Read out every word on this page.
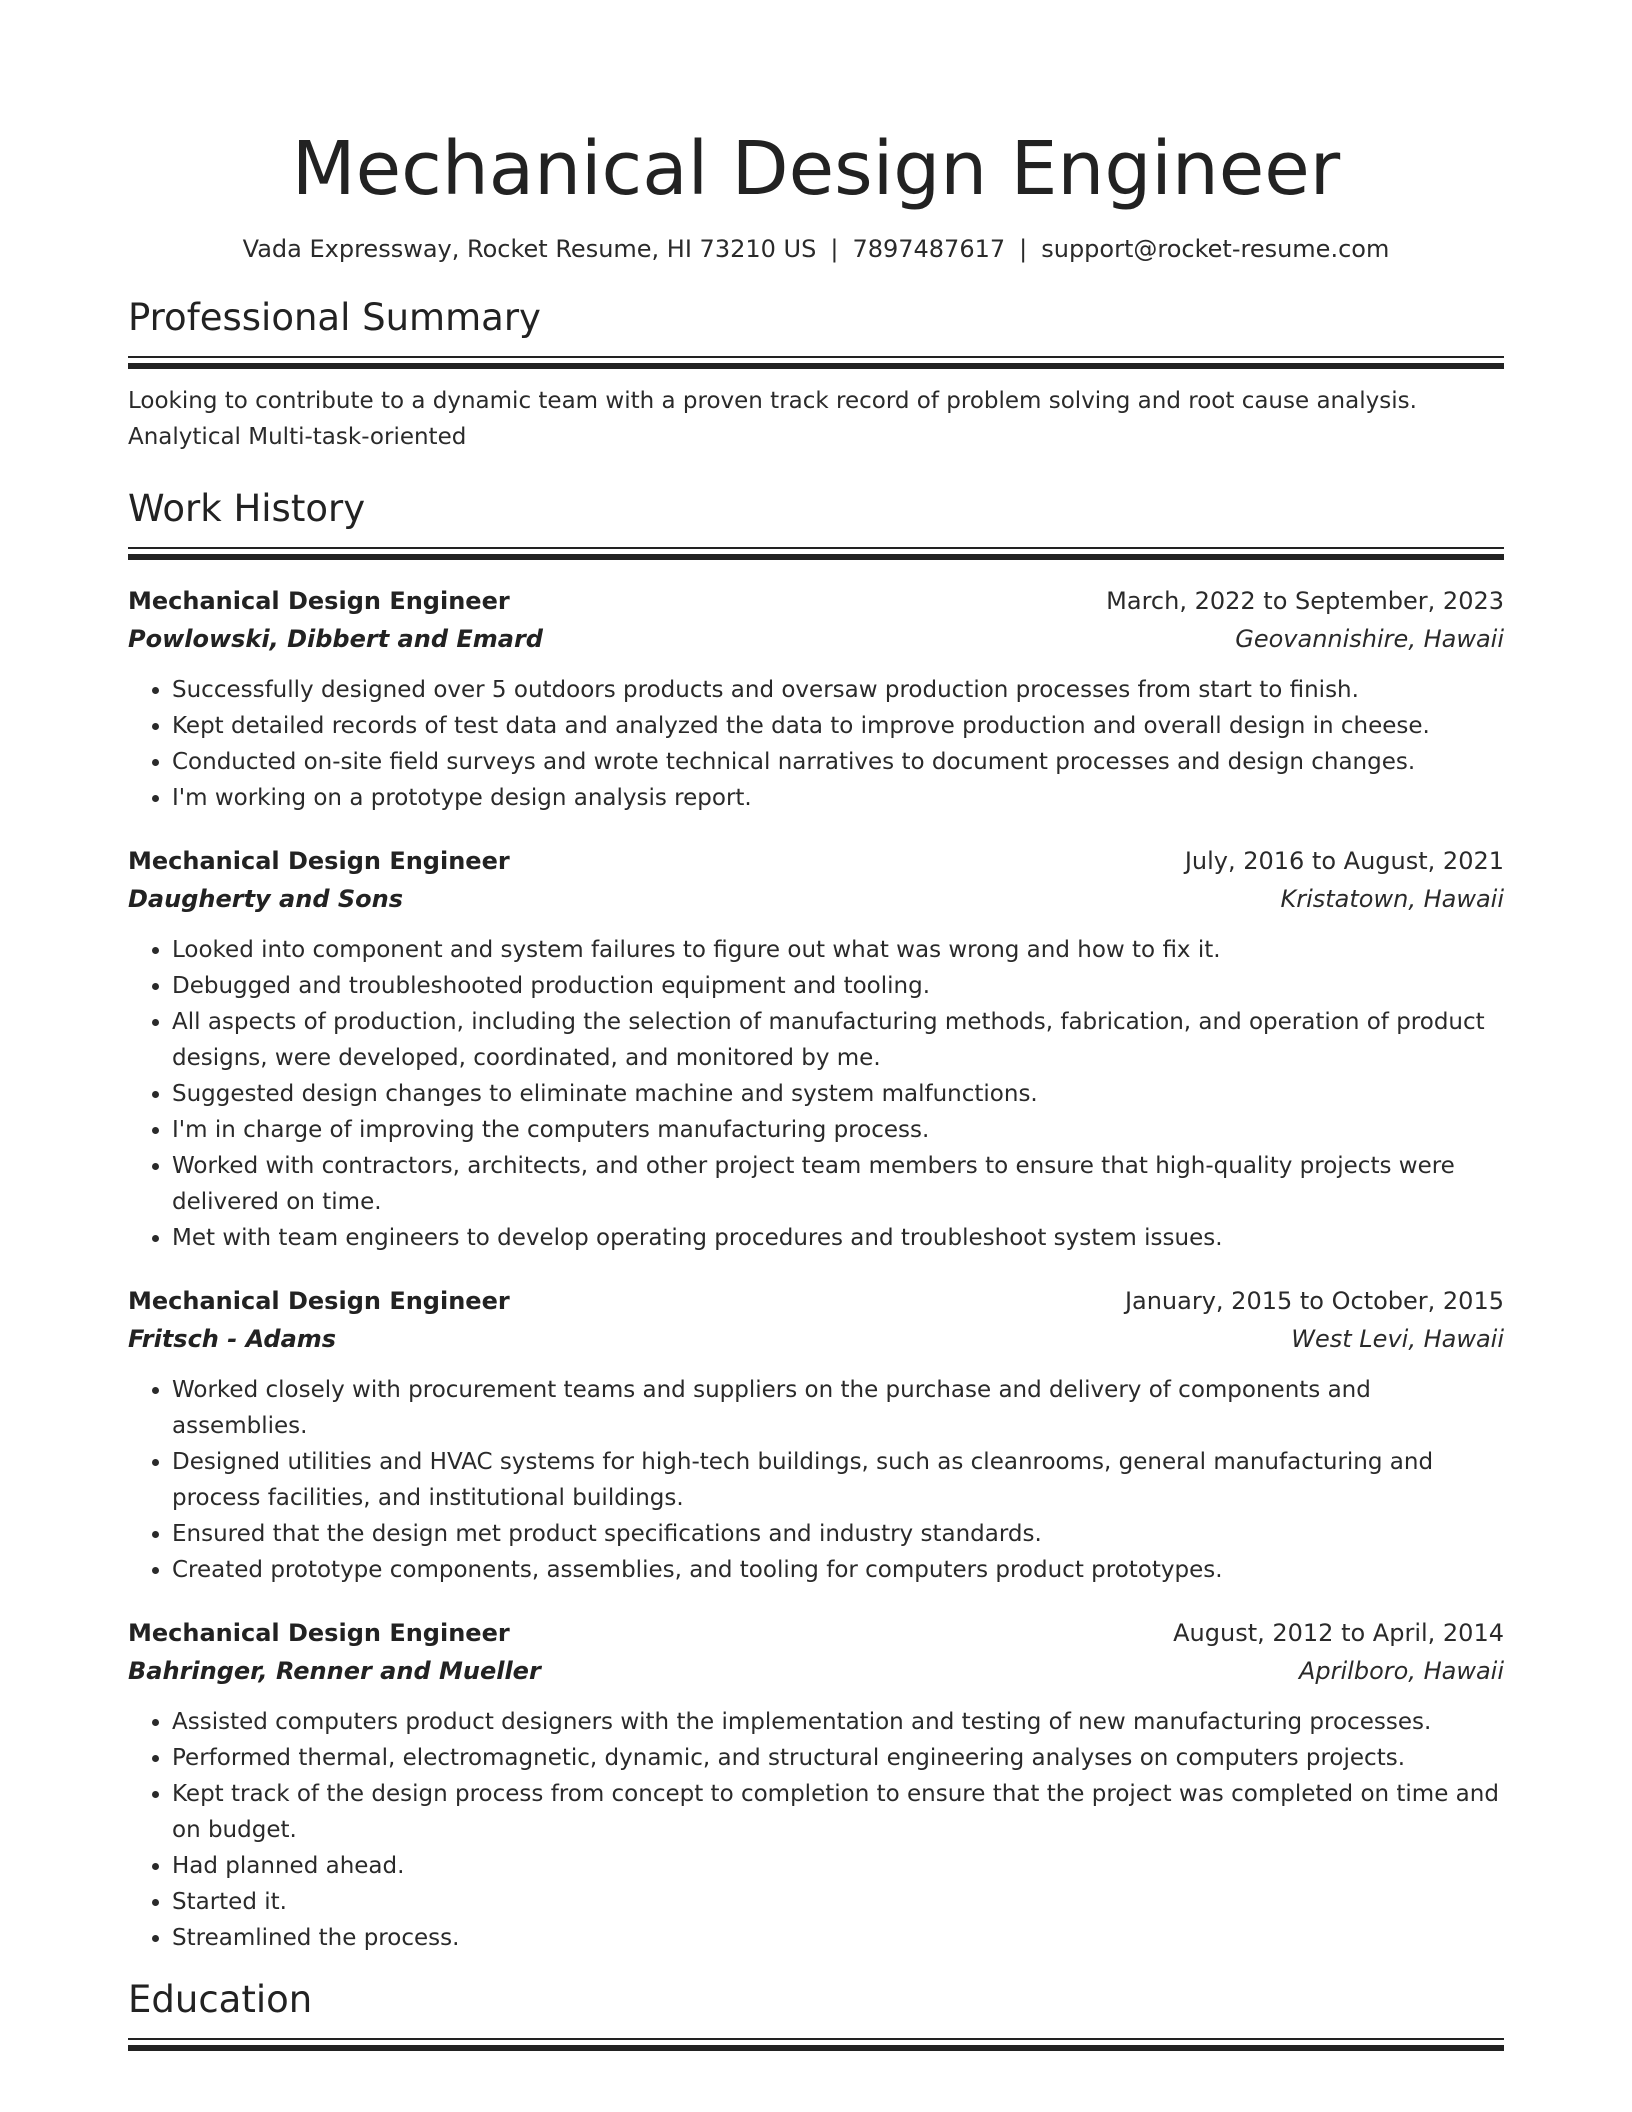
Mechanical Design Engineer
Vada Expressway, Rocket Resume, HI 73210 US | 7897487617 | support@rocket-resume.com
Professional Summary
Looking to contribute to a dynamic team with a proven track record of problem solving and root cause analysis.
Analytical Multi-task-oriented
Work History
Mechanical Design Engineer	March, 2022 to September, 2023
Powlowski, Dibbert and Emard	Geovannishire, Hawaii
• Successfully designed over 5 outdoors products and oversaw production processes from start to finish.
• Kept detailed records of test data and analyzed the data to improve production and overall design in cheese.
• Conducted on-site field surveys and wrote technical narratives to document processes and design changes.
• I'm working on a prototype design analysis report.
Mechanical Design Engineer	July, 2016 to August, 2021
Daugherty and Sons	Kristatown, Hawaii
• Looked into component and system failures to figure out what was wrong and how to fix it.
• Debugged and troubleshooted production equipment and tooling.
• All aspects of production, including the selection of manufacturing methods, fabrication, and operation of product designs, were developed, coordinated, and monitored by me.
• Suggested design changes to eliminate machine and system malfunctions.
• I'm in charge of improving the computers manufacturing process.
• Worked with contractors, architects, and other project team members to ensure that high-quality projects were delivered on time.
• Met with team engineers to develop operating procedures and troubleshoot system issues.
Mechanical Design Engineer	January, 2015 to October, 2015
Fritsch - Adams	West Levi, Hawaii
• Worked closely with procurement teams and suppliers on the purchase and delivery of components and assemblies.
• Designed utilities and HVAC systems for high-tech buildings, such as cleanrooms, general manufacturing and process facilities, and institutional buildings.
• Ensured that the design met product specifications and industry standards.
• Created prototype components, assemblies, and tooling for computers product prototypes.
Mechanical Design Engineer	August, 2012 to April, 2014
Bahringer, Renner and Mueller	Aprilboro, Hawaii
• Assisted computers product designers with the implementation and testing of new manufacturing processes.
• Performed thermal, electromagnetic, dynamic, and structural engineering analyses on computers projects.
• Kept track of the design process from concept to completion to ensure that the project was completed on time and on budget.
• Had planned ahead.
• Started it.
• Streamlined the process.
Education
